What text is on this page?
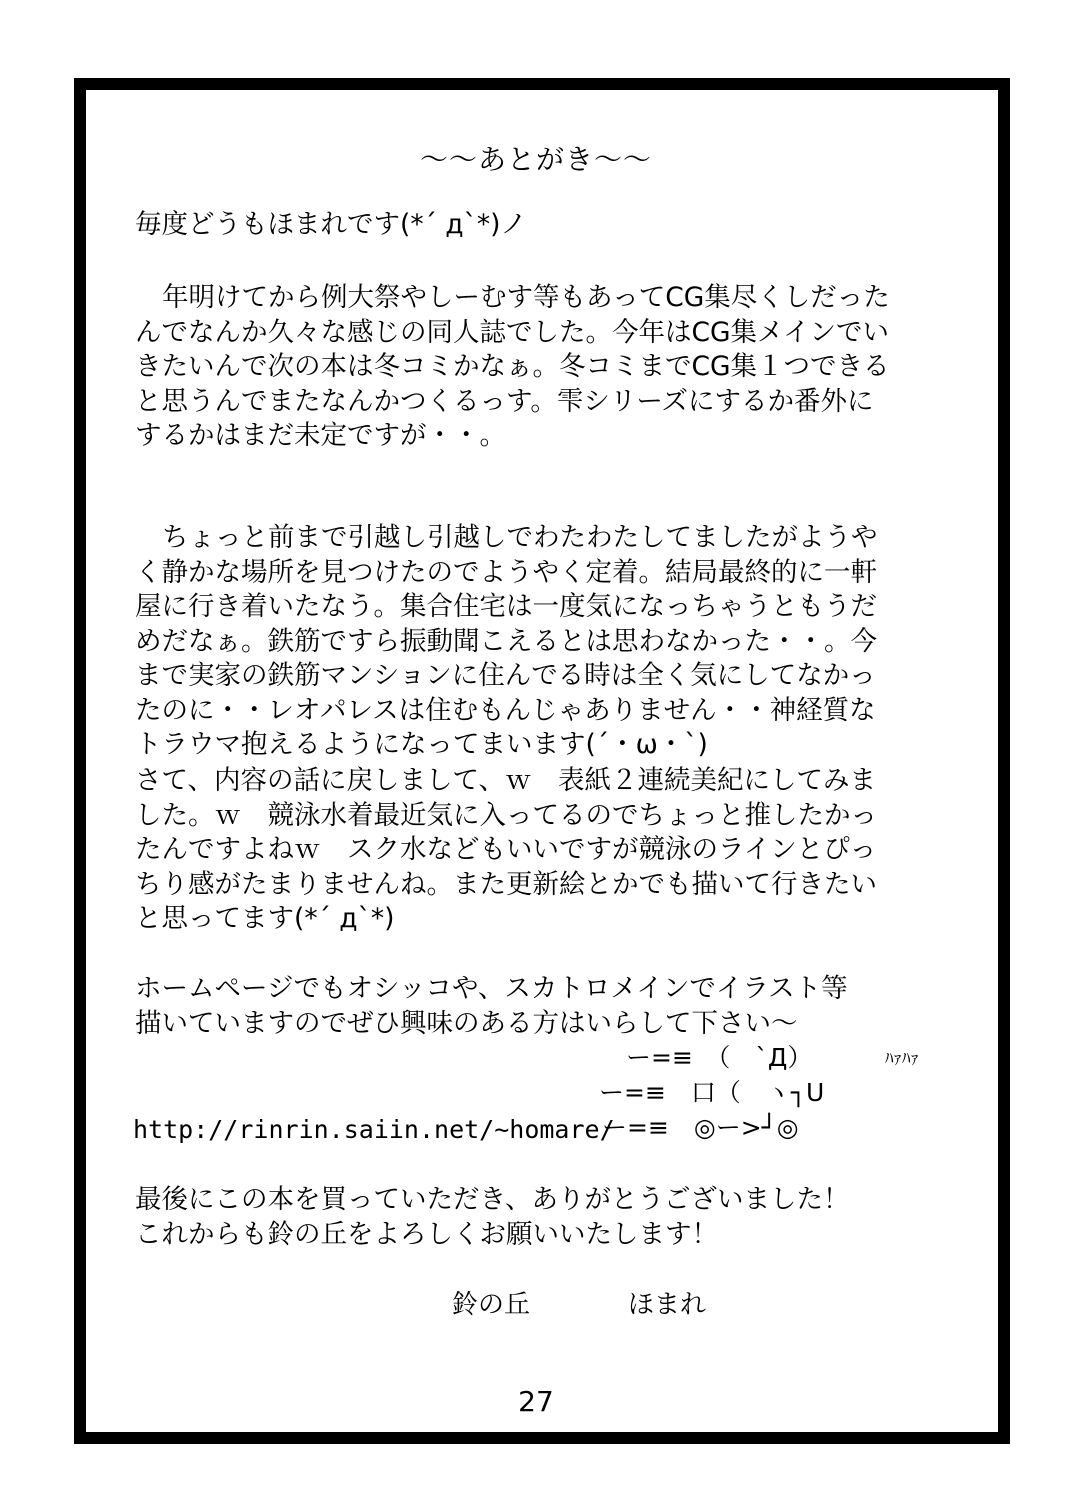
〜〜あとがき〜〜
毎度どうもほまれです(*´ д`*)ノ
年明けてから例大祭やしーむす等もあってCG集尽くしだった
んでなんか久々な感じの同人誌でした。今年はCG集メインでい
きたいんで次の本は冬コミかなぁ。冬コミまでCG集１つできる
と思うんでまたなんかつくるっす。雫シリーズにするか番外に
するかはまだ未定ですが・・。
ちょっと前まで引越し引越しでわたわたしてましたがようや
く静かな場所を見つけたのでようやく定着。結局最終的に一軒
屋に行き着いたなう。集合住宅は一度気になっちゃうともうだ
めだなぁ。鉄筋ですら振動聞こえるとは思わなかった・・。今
まで実家の鉄筋マンションに住んでる時は全く気にしてなかっ
たのに・・レオパレスは住むもんじゃありません・・神経質な
トラウマ抱えるようになってまいます(´・ω・`)
さて、内容の話に戻しまして、ｗ　表紙２連続美紀にしてみま
した。ｗ　競泳水着最近気に入ってるのでちょっと推したかっ
たんですよねｗ　スク水などもいいですが競泳のラインとぴっ
ちり感がたまりませんね。また更新絵とかでも描いて行きたい
と思ってます(*´ д`*)
ホームページでもオシッコや、スカトロメインでイラスト等
描いていますのでぜひ興味のある方はいらして下さい〜
ー=≡　（　`Д）	ﾊｧﾊｧ
ー=≡　口（　ヽ┐U
ー=≡　◎ー>┘◎
http://rinrin.saiin.net/~homare/
最後にこの本を買っていただき、ありがとうございました！
これからも鈴の丘をよろしくお願いいたします！
鈴の丘	ほまれ
27
